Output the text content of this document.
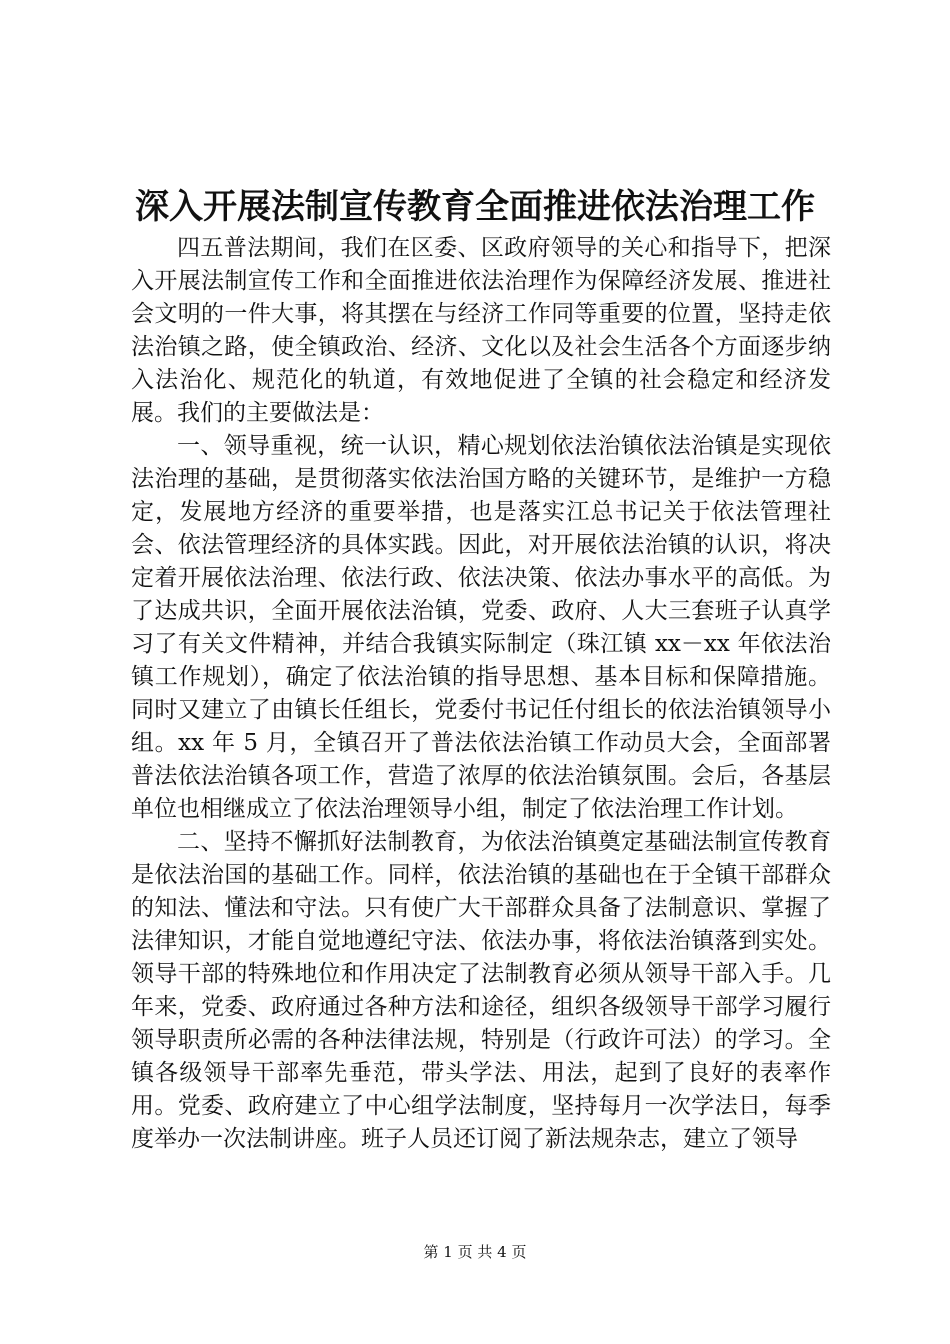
深入开展法制宣传教育全面推进依法治理工作

四五普法期间，我们在区委、区政府领导的关心和指导下，把深入开展法制宣传工作和全面推进依法治理作为保障经济发展、推进社会文明的一件大事，将其摆在与经济工作同等重要的位置，坚持走依法治镇之路，使全镇政治、经济、文化以及社会生活各个方面逐步纳入法治化、规范化的轨道，有效地促进了全镇的社会稳定和经济发展。我们的主要做法是：

一、领导重视，统一认识，精心规划依法治镇依法治镇是实现依法治理的基础，是贯彻落实依法治国方略的关键环节，是维护一方稳定，发展地方经济的重要举措，也是落实江总书记关于依法管理社会、依法管理经济的具体实践。因此，对开展依法治镇的认识，将决定着开展依法治理、依法行政、依法决策、依法办事水平的高低。为了达成共识，全面开展依法治镇，党委、政府、人大三套班子认真学习了有关文件精神，并结合我镇实际制定（珠江镇 xx－xx 年依法治镇工作规划），确定了依法治镇的指导思想、基本目标和保障措施。同时又建立了由镇长任组长，党委付书记任付组长的依法治镇领导小组。xx 年 5 月，全镇召开了普法依法治镇工作动员大会，全面部署普法依法治镇各项工作，营造了浓厚的依法治镇氛围。会后，各基层单位也相继成立了依法治理领导小组，制定了依法治理工作计划。

二、坚持不懈抓好法制教育，为依法治镇奠定基础法制宣传教育是依法治国的基础工作。同样，依法治镇的基础也在于全镇干部群众的知法、懂法和守法。只有使广大干部群众具备了法制意识、掌握了法律知识，才能自觉地遵纪守法、依法办事，将依法治镇落到实处。领导干部的特殊地位和作用决定了法制教育必须从领导干部入手。几年来，党委、政府通过各种方法和途径，组织各级领导干部学习履行领导职责所必需的各种法律法规，特别是（行政许可法）的学习。全镇各级领导干部率先垂范，带头学法、用法，起到了良好的表率作用。党委、政府建立了中心组学法制度，坚持每月一次学法日，每季度举办一次法制讲座。班子人员还订阅了新法规杂志，建立了领导

第 1 页 共 4 页
